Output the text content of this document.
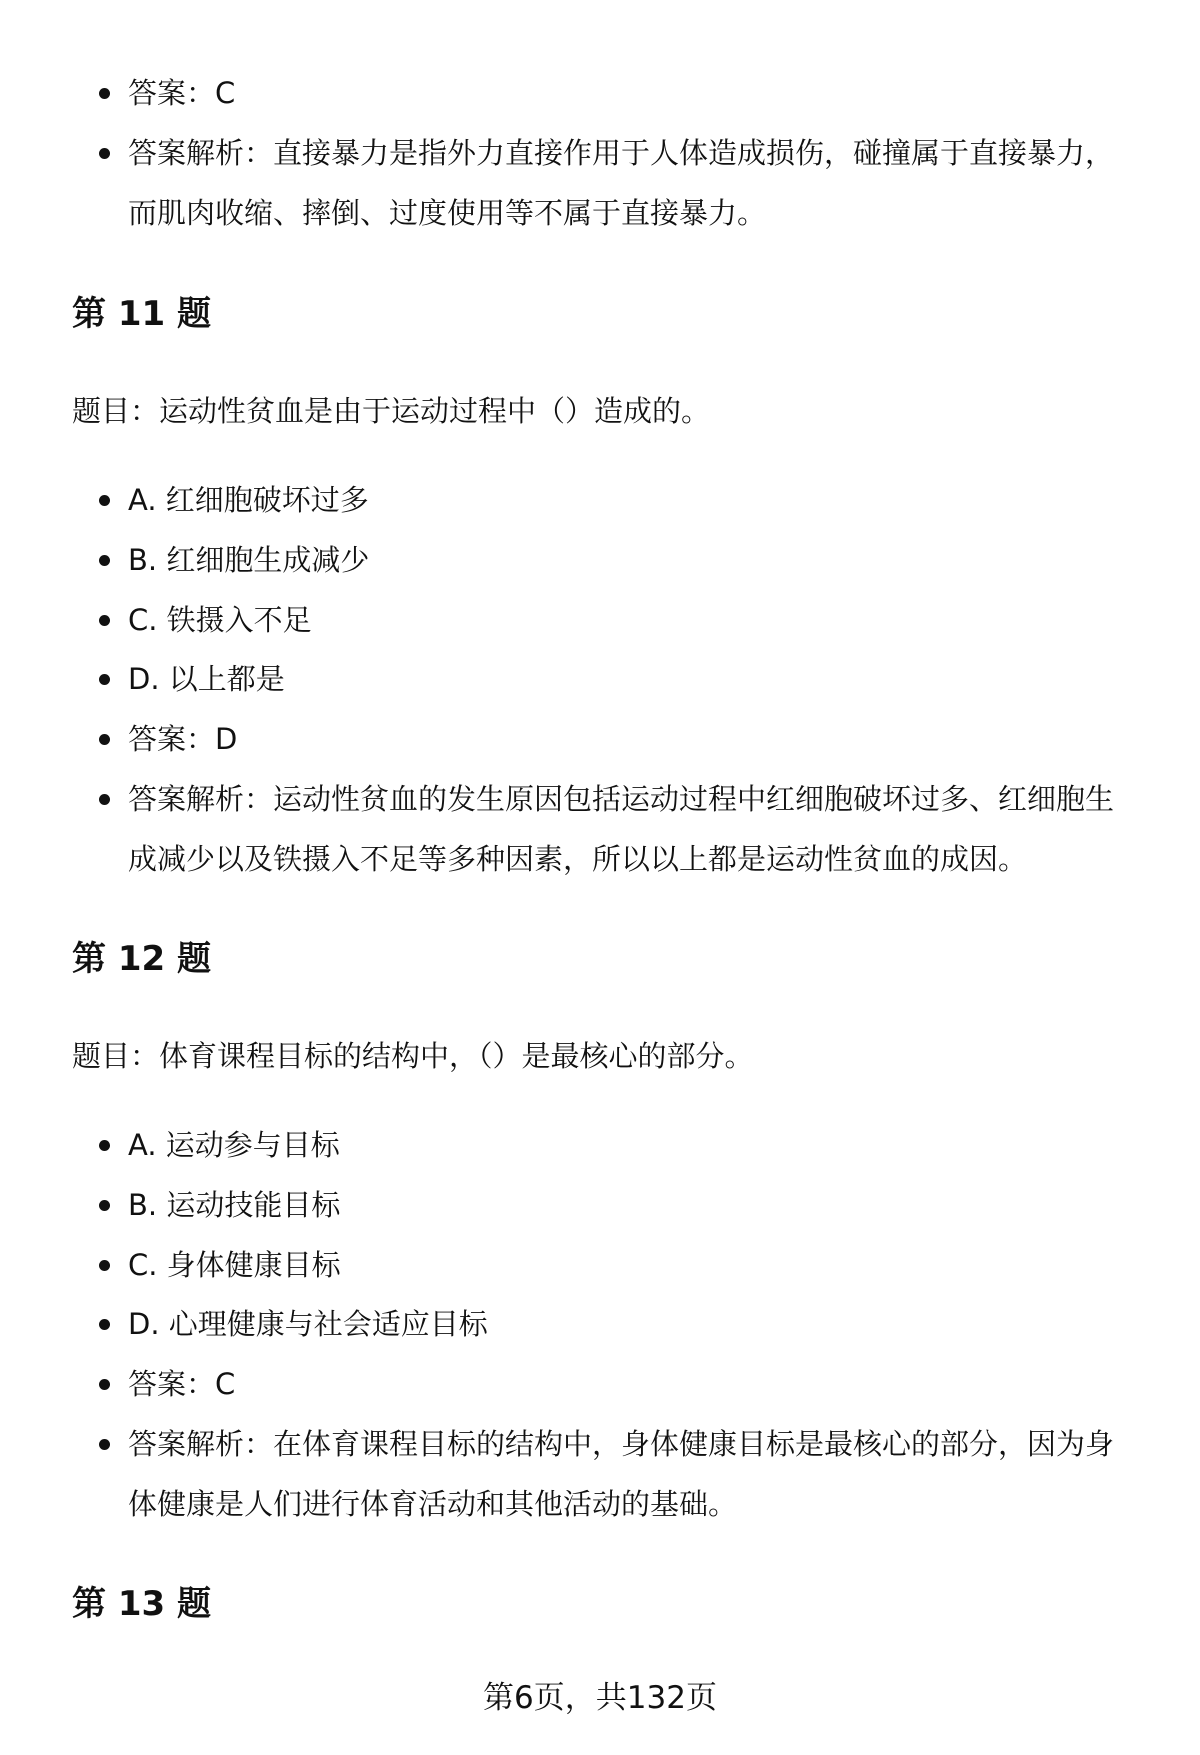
答案：C
答案解析：直接暴力是指外力直接作用于人体造成损伤，碰撞属于直接暴力，而肌肉收缩、摔倒、过度使用等不属于直接暴力。
第 11 题

题目：运动性贫血是由于运动过程中（）造成的。

A. 红细胞破坏过多
B. 红细胞生成减少
C. 铁摄入不足
D. 以上都是
答案：D
答案解析：运动性贫血的发生原因包括运动过程中红细胞破坏过多、红细胞生成减少以及铁摄入不足等多种因素，所以以上都是运动性贫血的成因。
第 12 题

题目：体育课程目标的结构中，（）是最核心的部分。

A. 运动参与目标
B. 运动技能目标
C. 身体健康目标
D. 心理健康与社会适应目标
答案：C
答案解析：在体育课程目标的结构中，身体健康目标是最核心的部分，因为身体健康是人们进行体育活动和其他活动的基础。
第 13 题
第6页，共132页
